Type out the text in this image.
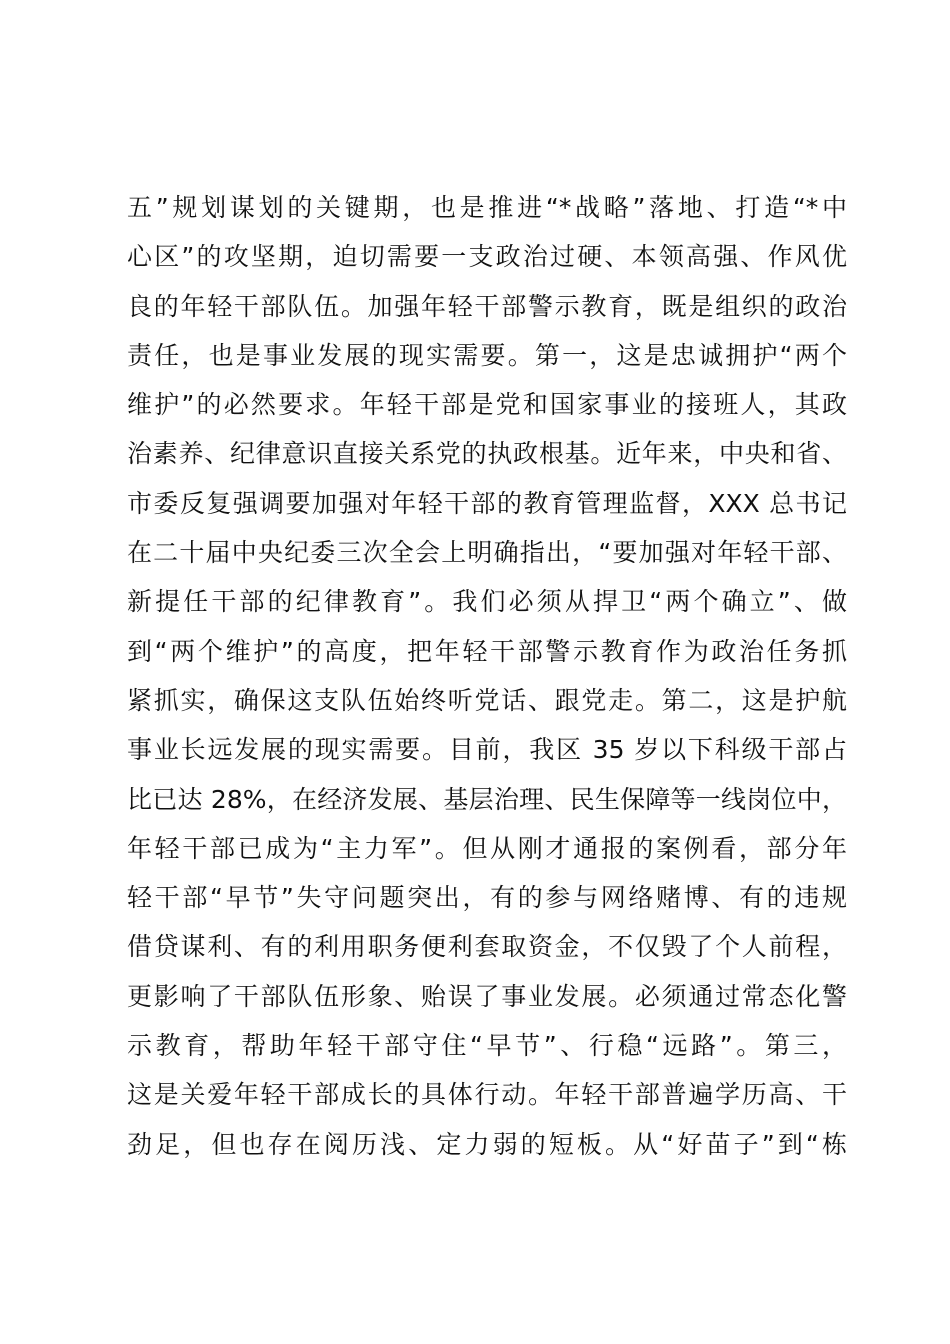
五”规划谋划的关键期，也是推进“*战略”落地、打造“*中
心区”的攻坚期，迫切需要一支政治过硬、本领高强、作风优
良的年轻干部队伍。加强年轻干部警示教育，既是组织的政治
责任，也是事业发展的现实需要。第一，这是忠诚拥护“两个
维护”的必然要求。年轻干部是党和国家事业的接班人，其政
治素养、纪律意识直接关系党的执政根基。近年来，中央和省、
市委反复强调要加强对年轻干部的教育管理监督，XXX 总书记
在二十届中央纪委三次全会上明确指出，“要加强对年轻干部、
新提任干部的纪律教育”。我们必须从捍卫“两个确立”、做
到“两个维护”的高度，把年轻干部警示教育作为政治任务抓
紧抓实，确保这支队伍始终听党话、跟党走。第二，这是护航
事业长远发展的现实需要。目前，我区 35 岁以下科级干部占
比已达 28%，在经济发展、基层治理、民生保障等一线岗位中，
年轻干部已成为“主力军”。但从刚才通报的案例看，部分年
轻干部“早节”失守问题突出，有的参与网络赌博、有的违规
借贷谋利、有的利用职务便利套取资金，不仅毁了个人前程，
更影响了干部队伍形象、贻误了事业发展。必须通过常态化警
示教育，帮助年轻干部守住“早节”、行稳“远路”。第三，
这是关爱年轻干部成长的具体行动。年轻干部普遍学历高、干
劲足，但也存在阅历浅、定力弱的短板。从“好苗子”到“栋
